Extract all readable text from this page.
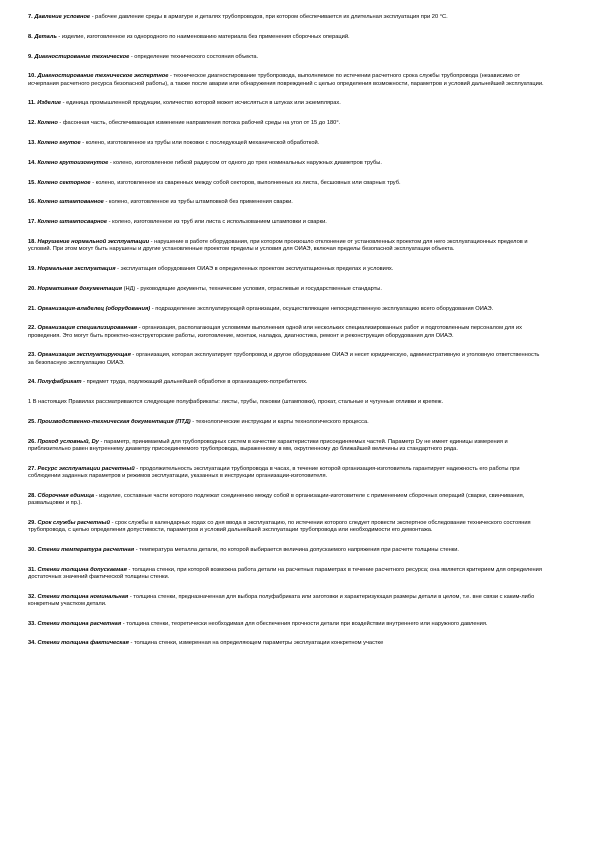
7. Давление условное - рабочее давление среды в арматуре и деталях трубопроводов, при котором обеспечивается их длительная эксплуатация при 20 °С.

8. Деталь - изделие, изготовленное из однородного по наименованию материала без применения сборочных операций.

9. Диагностирование техническое - определение технического состояния объекта.

10. Диагностирование техническое экспертное - техническое диагностирование трубопровода, выполняемое по истечении расчетного срока службы трубопровода (независимо от исчерпания расчетного ресурса безопасной работы), а также после аварии или обнаружения повреждений с целью определения возможности, параметров и условий дальнейшей эксплуатации.

11. Изделие - единица промышленной продукции, количество которой может исчисляться в штуках или экземплярах.

12. Колено - фасонная часть, обеспечивающая изменение направления потока рабочей среды на угол от 15 до 180°.

13. Колено гнутое - колено, изготовленное из трубы или поковки с последующей механической обработкой.

14. Колено крутоизогнутое - колено, изготовленное гибкой радиусом от одного до трех номинальных наружных диаметров трубы.

15. Колено секторное - колено, изготовленное из сваренных между собой секторов, выполненных из листа, бесшовных или сварных труб.

16. Колено штампованное - колено, изготовленное из трубы штамповкой без применения сварки.

17. Колено штампосварное - колено, изготовленное из труб или листа с использованием штамповки и сварки.

18. Нарушение нормальной эксплуатации - нарушение в работе оборудования, при котором произошло отклонение от установленных проектом для него эксплуатационных пределов и условий. При этом могут быть нарушены и другие установленные проектом пределы и условия для ОИАЭ, включая пределы безопасной эксплуатации объекта.

19. Нормальная эксплуатация - эксплуатация оборудования ОИАЭ в определенных проектом эксплуатационных пределах и условиях.

20. Нормативная документация (НД) - руководящие документы, технические условия, отраслевые и государственные стандарты.

21. Организация-владелец (оборудования) - подразделение эксплуатирующей организации, осуществляющее непосредственную эксплуатацию всего оборудования ОИАЭ.

22. Организация специализированная - организация, располагающая условиями выполнения одной или нескольких специализированных работ и подготовленным персоналом для их проведения. Это могут быть проектно-конструкторские работы, изготовление, монтаж, наладка, диагностика, ремонт и реконструкция оборудования для ОИАЭ.

23. Организация эксплуатирующая - организация, которая эксплуатирует трубопровод и другое оборудование ОИАЭ и несет юридическую, административную и уголовную ответственность за безопасную эксплуатацию ОИАЭ.

24. Полуфабрикат - предмет труда, подлежащий дальнейшей обработке в организациях-потребителях.

1 В настоящих Правилах рассматриваются следующие полуфабрикаты: листы, трубы, поковки (штамповки), прокат, стальные и чугунные отливки и крепеж.

25. Производственно-техническая документация (ПТД) - технологические инструкции и карты технологического процесса.

26. Проход условный, Dy - параметр, принимаемый для трубопроводных систем в качестве характеристики присоединяемых частей. Параметр Dy не имеет единицы измерения и приблизительно равен внутреннему диаметру присоединяемого трубопровода, выраженному в мм, округленному до ближайшей величины из стандартного ряда.

27. Ресурс эксплуатации расчетный - продолжительность эксплуатации трубопровода в часах, в течение которой организация-изготовитель гарантирует надежность его работы при соблюдении заданных параметров и режимов эксплуатации, указанных в инструкции организации-изготовителя.

28. Сборочная единица - изделие, составные части которого подлежат соединению между собой в организации-изготовителе с применением сборочных операций (сварки, свинчивания, развальцовки и пр.).

29. Срок службы расчетный - срок службы в календарных годах со дня ввода в эксплуатацию, по истечении которого следует провести экспертное обследование технического состояния трубопровода, с целью определения допустимости, параметров и условий дальнейшей эксплуатации трубопровода или необходимости его демонтажа.

30. Стенки температура расчетная - температура металла детали, по которой выбирается величина допускаемого напряжения при расчете толщины стенки.

31. Стенки толщина допускаемая - толщина стенки, при которой возможна работа детали на расчетных параметрах в течение расчетного ресурса; она является критерием для определения достаточных значений фактической толщины стенки.

32. Стенки толщина номинальная - толщина стенки, предназначенная для выбора полуфабриката или заготовки и характеризующая размеры детали в целом, т.е. вне связи с каким-либо конкретным участком детали.

33. Стенки толщина расчетная - толщина стенки, теоретически необходимая для обеспечения прочности детали при воздействии внутреннего или наружного давления.

34. Стенки толщина фактическая - толщина стенки, измеренная на определяющем параметры эксплуатации конкретном участке
